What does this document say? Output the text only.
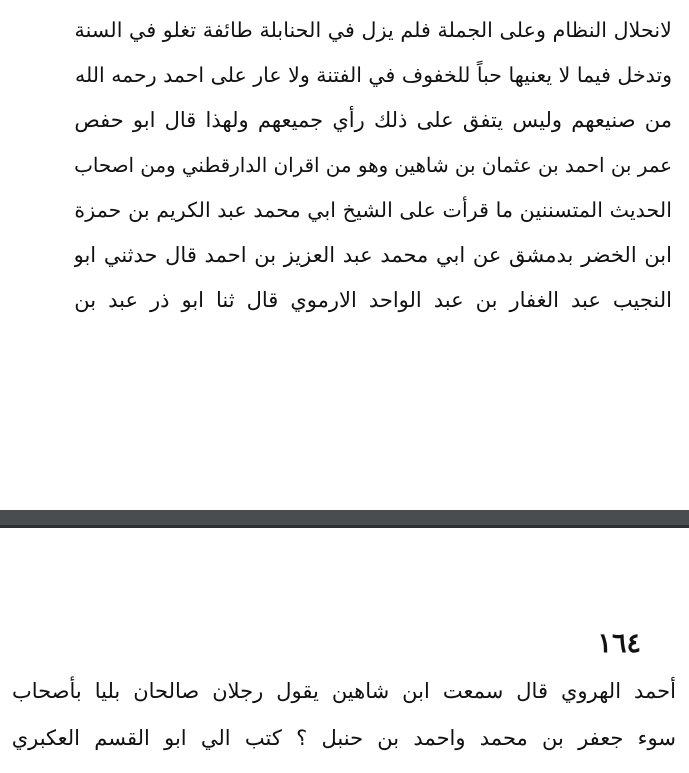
لانحلال النظام وعلى الجملة فلم يزل في الحنابلة طائفة تغلو في السنة
وتدخل فيما لا يعنيها حباً للخفوف في الفتنة ولا عار على احمد رحمه الله
من صنيعهم وليس يتفق على ذلك رأي جميعهم ولهذا قال ابو حفص
عمر بن احمد بن عثمان بن شاهين وهو من اقران الدارقطني ومن اصحاب
الحديث المتسننين ما قرأت على الشيخ ابي محمد عبد الكريم بن حمزة
ابن الخضر بدمشق عن ابي محمد عبد العزيز بن احمد قال حدثني ابو
النجيب عبد الغفار بن عبد الواحد الارموي قال ثنا ابو ذر عبد بن
١٦٤
أحمد الهروي قال سمعت ابن شاهين يقول رجلان صالحان بليا بأصحاب
سوء جعفر بن محمد واحمد بن حنبل ؟ كتب الي ابو القسم العكبري
